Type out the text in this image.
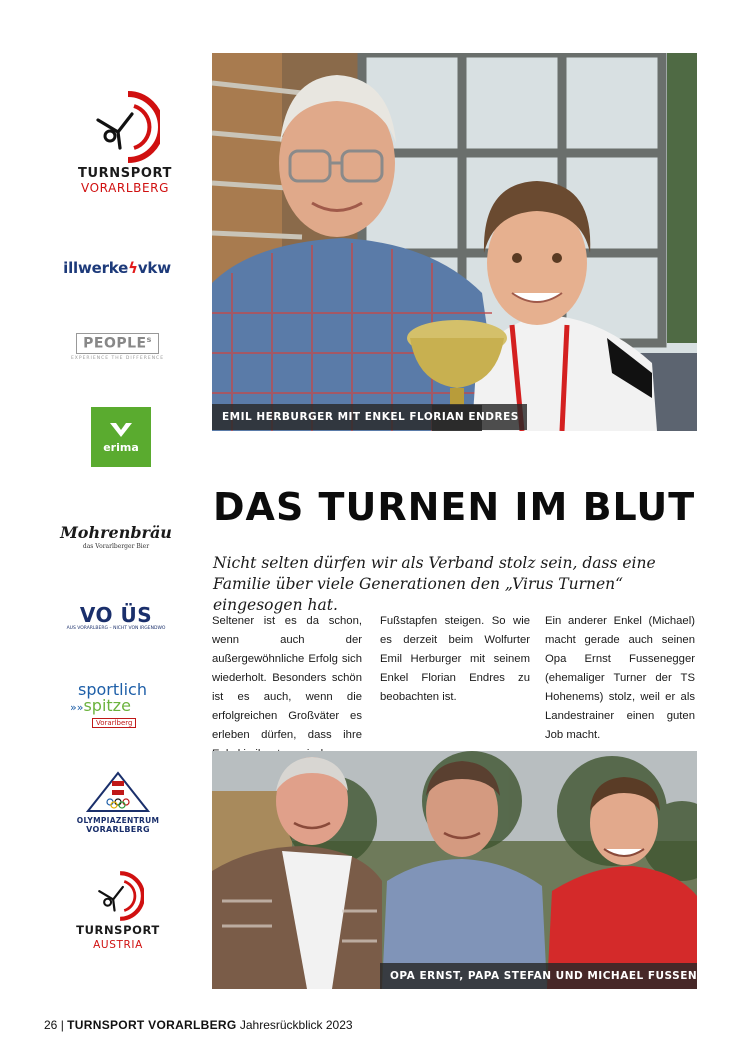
TURNSPORT
VORARLBERG
illwerkeϟvkw
PEOPLE$^s$
EXPERIENCE THE DIFFERENCE
erima
Mohrenbräu
das Vorarlberger Bier
VO ÜS
AUS VORARLBERG – NICHT VON IRGENDWO
sportlich
»»spitze
Vorarlberg
OLYMPIAZENTRUM
VORARLBERG
TURNSPORT
AUSTRIA
EMIL HERBURGER MIT ENKEL FLORIAN ENDRES
DAS TURNEN IM BLUT
Nicht selten dürfen wir als Verband stolz sein, dass eine Familie über viele Generationen den „Virus Turnen“ eingesogen hat.
Seltener ist es da schon, wenn auch der außergewöhnliche Erfolg sich wiederholt. Besonders schön ist es auch, wenn die erfolgreichen Großväter es erleben dürfen, dass ihre
Fußstapfen steigen. So wie es derzeit beim Wolfurter Emil Herburger mit seinem Enkel Florian Endres zu beobachten ist.
Ein anderer Enkel (Michael) macht gerade auch seinen Opa Ernst Fussenegger (ehemaliger Turner der TS Hohenems) stolz, weil er als Landestrainer einen guten Job macht.
OPA ERNST, PAPA STEFAN UND MICHAEL FUSSENEGGER
26 | TURNSPORT VORARLBERG Jahresrückblick 2023
